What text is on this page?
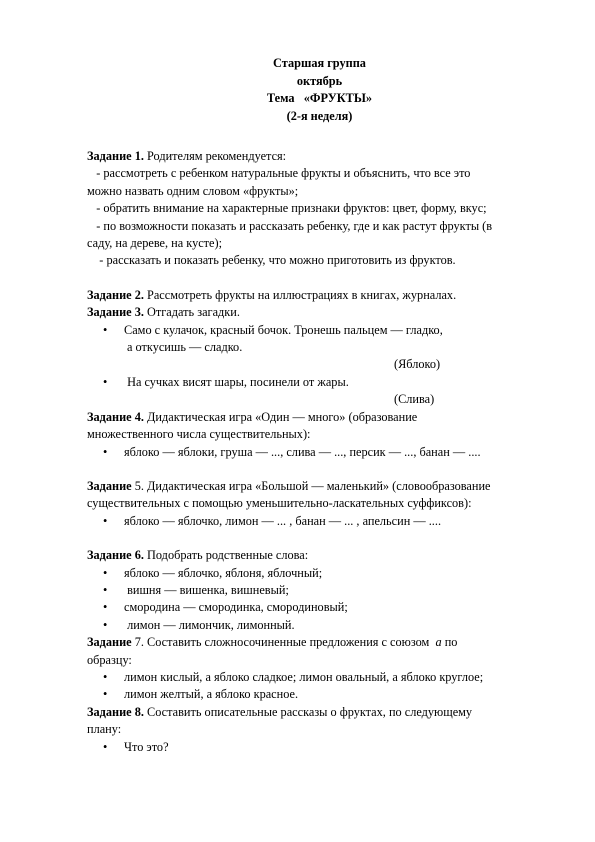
Старшая группа
октябрь
Тема   «ФРУКТЫ»
(2-я неделя)

Задание 1. Родителям рекомендуется:

- рассмотреть с ребенком натуральные фрукты и объяснить, что все это

можно назвать одним словом «фрукты»;

- обратить внимание на характерные признаки фруктов: цвет, форму, вкус;

- по возможности показать и рассказать ребенку, где и как растут фрукты (в

саду, на дереве, на кусте);

- рассказать и показать ребенку, что можно приготовить из фруктов.

Задание 2. Рассмотреть фрукты на иллюстрациях в книгах, журналах.

Задание 3. Отгадать загадки.

• Само с кулачок, красный бочок. Тронешь пальцем — гладко,
а откусишь — сладко.
(Яблоко)
•  На сучках висят шары, посинели от жары.
(Слива)

Задание 4. Дидактическая игра «Один — много» (образование

множественного числа существительных):

• яблоко — яблоки, груша — ..., слива — ..., персик — ..., банан — ....

Задание 5. Дидактическая игра «Большой — маленький» (словообразование

существительных с помощью уменьшительно-ласкательных суффиксов):

• яблоко — яблочко, лимон — ... , банан — ... , апельсин — ....

Задание 6. Подобрать родственные слова:

• яблоко — яблочко, яблоня, яблочный;
•  вишня — вишенка, вишневый;
• смородина — смородинка, смородиновый;
•  лимон — лимончик, лимонный.

Задание 7. Составить сложносочиненные предложения с союзом  а по

образцу:

• лимон кислый, а яблоко сладкое; лимон овальный, а яблоко круглое;
• лимон желтый, а яблоко красное.

Задание 8. Составить описательные рассказы о фруктах, по следующему

плану:

• Что это?
